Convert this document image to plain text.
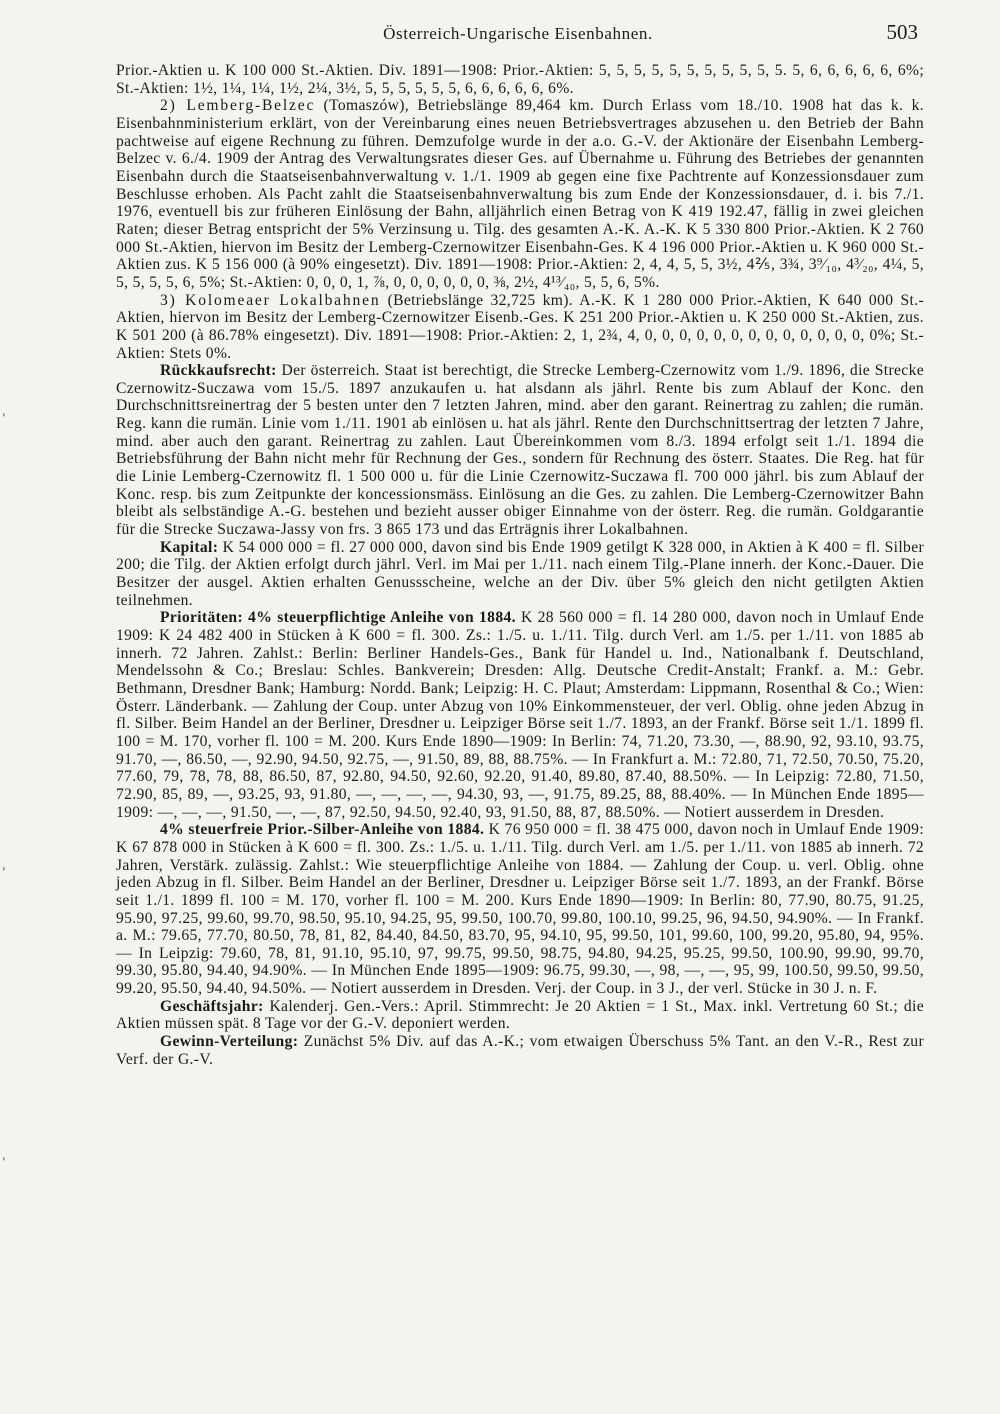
Österreich-Ungarische Eisenbahnen.	503
,
,
,

Prior.-Aktien u. K 100 000 St.-Aktien. Div. 1891—1908: Prior.-Aktien: 5, 5, 5, 5, 5, 5, 5, 5, 5, 5, 5. 5, 6, 6, 6, 6, 6, 6%; St.-Aktien: 1½, 1¼, 1¼, 1½, 2¼, 3½, 5, 5, 5, 5, 5, 5, 6, 6, 6, 6, 6, 6%.

2) Lemberg-Belzec (Tomaszów), Betriebslänge 89,464 km. Durch Erlass vom 18./10. 1908 hat das k. k. Eisenbahnministerium erklärt, von der Vereinbarung eines neuen Betriebsvertrages abzusehen u. den Betrieb der Bahn pachtweise auf eigene Rechnung zu führen. Demzufolge wurde in der a.o. G.-V. der Aktionäre der Eisenbahn Lemberg-Belzec v. 6./4. 1909 der Antrag des Verwaltungsrates dieser Ges. auf Übernahme u. Führung des Betriebes der genannten Eisenbahn durch die Staatseisenbahnverwaltung v. 1./1. 1909 ab gegen eine fixe Pachtrente auf Konzessionsdauer zum Beschlusse erhoben. Als Pacht zahlt die Staatseisenbahnverwaltung bis zum Ende der Konzessionsdauer, d. i. bis 7./1. 1976, eventuell bis zur früheren Einlösung der Bahn, alljährlich einen Betrag von K 419 192.47, fällig in zwei gleichen Raten; dieser Betrag entspricht der 5% Verzinsung u. Tilg. des gesamten A.-K. A.-K. K 5 330 800 Prior.-Aktien. K 2 760 000 St.-Aktien, hiervon im Besitz der Lemberg-Czernowitzer Eisenbahn-Ges. K 4 196 000 Prior.-Aktien u. K 960 000 St.-Aktien zus. K 5 156 000 (à 90% eingesetzt). Div. 1891—1908: Prior.-Aktien: 2, 4, 4, 5, 5, 3½, 4⅖, 3¾, 3⁹⁄₁₀, 4³⁄₂₀, 4¼, 5, 5, 5, 5, 5, 6, 5%; St.-Aktien: 0, 0, 0, 1, ⅞, 0, 0, 0, 0, 0, 0, ⅜, 2½, 4¹³⁄₄₀, 5, 5, 6, 5%.

3) Kolomeaer Lokalbahnen (Betriebslänge 32,725 km). A.-K. K 1 280 000 Prior.-Aktien, K 640 000 St.-Aktien, hiervon im Besitz der Lemberg-Czernowitzer Eisenb.-Ges. K 251 200 Prior.-Aktien u. K 250 000 St.-Aktien, zus. K 501 200 (à 86.78% eingesetzt). Div. 1891—1908: Prior.-Aktien: 2, 1, 2¾, 4, 0, 0, 0, 0, 0, 0, 0, 0, 0, 0, 0, 0, 0, 0%; St.-Aktien: Stets 0%.

Rückkaufsrecht: Der österreich. Staat ist berechtigt, die Strecke Lemberg-Czernowitz vom 1./9. 1896, die Strecke Czernowitz-Suczawa vom 15./5. 1897 anzukaufen u. hat alsdann als jährl. Rente bis zum Ablauf der Konc. den Durchschnittsreinertrag der 5 besten unter den 7 letzten Jahren, mind. aber den garant. Reinertrag zu zahlen; die rumän. Reg. kann die rumän. Linie vom 1./11. 1901 ab einlösen u. hat als jährl. Rente den Durchschnittsertrag der letzten 7 Jahre, mind. aber auch den garant. Reinertrag zu zahlen. Laut Übereinkommen vom 8./3. 1894 erfolgt seit 1./1. 1894 die Betriebsführung der Bahn nicht mehr für Rechnung der Ges., sondern für Rechnung des österr. Staates. Die Reg. hat für die Linie Lemberg-Czernowitz fl. 1 500 000 u. für die Linie Czernowitz-Suczawa fl. 700 000 jährl. bis zum Ablauf der Konc. resp. bis zum Zeitpunkte der koncessionsmäss. Einlösung an die Ges. zu zahlen. Die Lemberg-Czernowitzer Bahn bleibt als selbständige A.-G. bestehen und bezieht ausser obiger Einnahme von der österr. Reg. die rumän. Goldgarantie für die Strecke Suczawa-Jassy von frs. 3 865 173 und das Erträgnis ihrer Lokalbahnen.

Kapital: K 54 000 000 = fl. 27 000 000, davon sind bis Ende 1909 getilgt K 328 000, in Aktien à K 400 = fl. Silber 200; die Tilg. der Aktien erfolgt durch jährl. Verl. im Mai per 1./11. nach einem Tilg.-Plane innerh. der Konc.-Dauer. Die Besitzer der ausgel. Aktien erhalten Genussscheine, welche an der Div. über 5% gleich den nicht getilgten Aktien teilnehmen.

Prioritäten: 4% steuerpflichtige Anleihe von 1884. K 28 560 000 = fl. 14 280 000, davon noch in Umlauf Ende 1909: K 24 482 400 in Stücken à K 600 = fl. 300. Zs.: 1./5. u. 1./11. Tilg. durch Verl. am 1./5. per 1./11. von 1885 ab innerh. 72 Jahren. Zahlst.: Berlin: Berliner Handels-Ges., Bank für Handel u. Ind., Nationalbank f. Deutschland, Mendelssohn & Co.; Breslau: Schles. Bankverein; Dresden: Allg. Deutsche Credit-Anstalt; Frankf. a. M.: Gebr. Bethmann, Dresdner Bank; Hamburg: Nordd. Bank; Leipzig: H. C. Plaut; Amsterdam: Lippmann, Rosenthal & Co.; Wien: Österr. Länderbank. — Zahlung der Coup. unter Abzug von 10% Einkommensteuer, der verl. Oblig. ohne jeden Abzug in fl. Silber. Beim Handel an der Berliner, Dresdner u. Leipziger Börse seit 1./7. 1893, an der Frankf. Börse seit 1./1. 1899 fl. 100 = M. 170, vorher fl. 100 = M. 200. Kurs Ende 1890—1909: In Berlin: 74, 71.20, 73.30, —, 88.90, 92, 93.10, 93.75, 91.70, —, 86.50, —, 92.90, 94.50, 92.75, —, 91.50, 89, 88, 88.75%. — In Frankfurt a. M.: 72.80, 71, 72.50, 70.50, 75.20, 77.60, 79, 78, 78, 88, 86.50, 87, 92.80, 94.50, 92.60, 92.20, 91.40, 89.80, 87.40, 88.50%. — In Leipzig: 72.80, 71.50, 72.90, 85, 89, —, 93.25, 93, 91.80, —, —, —, —, 94.30, 93, —, 91.75, 89.25, 88, 88.40%. — In München Ende 1895—1909: —, —, —, 91.50, —, —, 87, 92.50, 94.50, 92.40, 93, 91.50, 88, 87, 88.50%. — Notiert ausserdem in Dresden.

4% steuerfreie Prior.-Silber-Anleihe von 1884. K 76 950 000 = fl. 38 475 000, davon noch in Umlauf Ende 1909: K 67 878 000 in Stücken à K 600 = fl. 300. Zs.: 1./5. u. 1./11. Tilg. durch Verl. am 1./5. per 1./11. von 1885 ab innerh. 72 Jahren, Verstärk. zulässig. Zahlst.: Wie steuerpflichtige Anleihe von 1884. — Zahlung der Coup. u. verl. Oblig. ohne jeden Abzug in fl. Silber. Beim Handel an der Berliner, Dresdner u. Leipziger Börse seit 1./7. 1893, an der Frankf. Börse seit 1./1. 1899 fl. 100 = M. 170, vorher fl. 100 = M. 200. Kurs Ende 1890—1909: In Berlin: 80, 77.90, 80.75, 91.25, 95.90, 97.25, 99.60, 99.70, 98.50, 95.10, 94.25, 95, 99.50, 100.70, 99.80, 100.10, 99.25, 96, 94.50, 94.90%. — In Frankf. a. M.: 79.65, 77.70, 80.50, 78, 81, 82, 84.40, 84.50, 83.70, 95, 94.10, 95, 99.50, 101, 99.60, 100, 99.20, 95.80, 94, 95%. — In Leipzig: 79.60, 78, 81, 91.10, 95.10, 97, 99.75, 99.50, 98.75, 94.80, 94.25, 95.25, 99.50, 100.90, 99.90, 99.70, 99.30, 95.80, 94.40, 94.90%. — In München Ende 1895—1909: 96.75, 99.30, —, 98, —, —, 95, 99, 100.50, 99.50, 99.50, 99.20, 95.50, 94.40, 94.50%. — Notiert ausserdem in Dresden. Verj. der Coup. in 3 J., der verl. Stücke in 30 J. n. F.

Geschäftsjahr: Kalenderj. Gen.-Vers.: April. Stimmrecht: Je 20 Aktien = 1 St., Max. inkl. Vertretung 60 St.; die Aktien müssen spät. 8 Tage vor der G.-V. deponiert werden.

Gewinn-Verteilung: Zunächst 5% Div. auf das A.-K.; vom etwaigen Überschuss 5% Tant. an den V.-R., Rest zur Verf. der G.-V.
